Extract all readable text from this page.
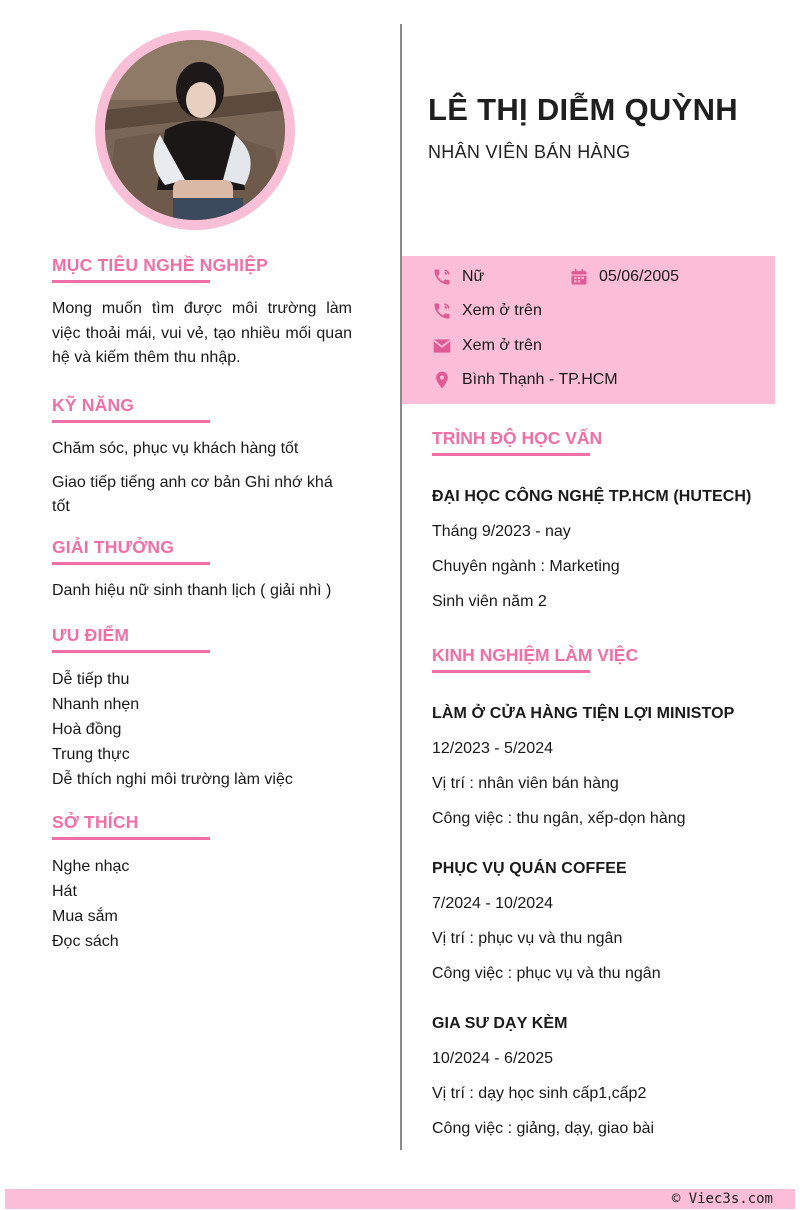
LÊ THỊ DIỄM QUỲNH

NHÂN VIÊN BÁN HÀNG

MỤC TIÊU NGHỀ NGHIỆP

Mong muốn tìm được môi trường làm việc thoải mái, vui vẻ, tạo nhiều mối quan hệ và kiếm thêm thu nhập.

KỸ NĂNG

Chăm sóc, phục vụ khách hàng tốt

Giao tiếp tiếng anh cơ bản Ghi nhớ khá tốt

GIẢI THƯỞNG

Danh hiệu nữ sinh thanh lịch ( giải nhì )

ƯU ĐIỂM

Dễ tiếp thu

Nhanh nhẹn

Hoà đồng

Trung thực

Dễ thích nghi môi trường làm việc

SỞ THÍCH

Nghe nhạc

Hát

Mua sắm

Đọc sách

Nữ	05/06/2005
Xem ở trên
Xem ở trên
Bình Thạnh - TP.HCM
TRÌNH ĐỘ HỌC VẤN

ĐẠI HỌC CÔNG NGHỆ TP.HCM (HUTECH)

Tháng 9/2023 - nay

Chuyên ngành : Marketing

Sinh viên năm 2

KINH NGHIỆM LÀM VIỆC

LÀM Ở CỬA HÀNG TIỆN LỢI MINISTOP

12/2023 - 5/2024

Vị trí : nhân viên bán hàng

Công việc : thu ngân, xếp-dọn hàng

PHỤC VỤ QUÁN COFFEE

7/2024 - 10/2024

Vị trí : phục vụ và thu ngân

Công việc : phục vụ và thu ngân

GIA SƯ DẠY KÈM

10/2024 - 6/2025

Vị trí : dạy học sinh cấp1,cấp2

Công việc : giảng, dạy, giao bài

© Viec3s.com
